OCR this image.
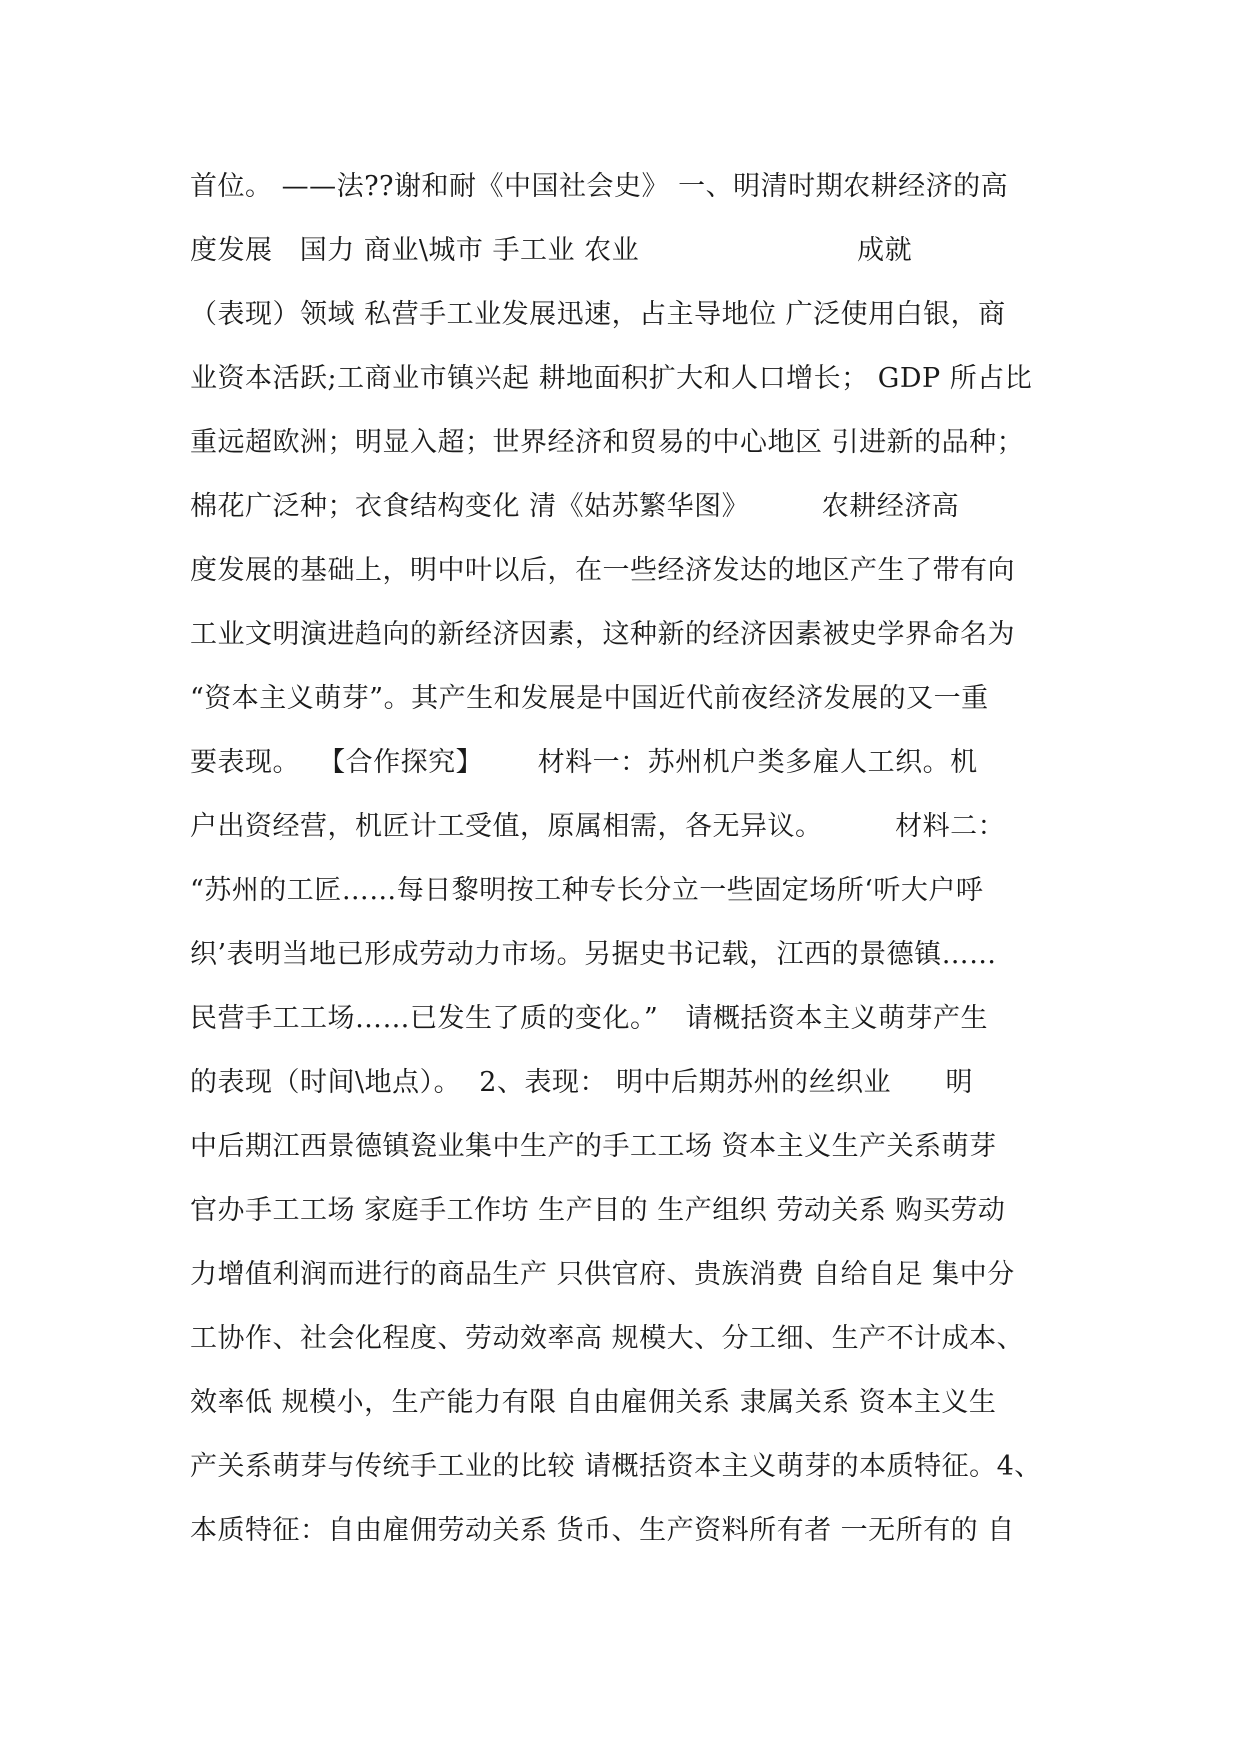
首位。 ——法??谢和耐《中国社会史》 一、明清时期农耕经济的高
度发展   国力 商业\城市 手工业 农业                        成就
（表现）领域 私营手工业发展迅速，占主导地位 广泛使用白银，商
业资本活跃;工商业市镇兴起 耕地面积扩大和人口增长； GDP 所占比
重远超欧洲；明显入超；世界经济和贸易的中心地区 引进新的品种；
棉花广泛种；衣食结构变化 清《姑苏繁华图》        农耕经济高
度发展的基础上，明中叶以后，在一些经济发达的地区产生了带有向
工业文明演进趋向的新经济因素，这种新的经济因素被史学界命名为
“资本主义萌芽”。其产生和发展是中国近代前夜经济发展的又一重
要表现。  【合作探究】      材料一：苏州机户类多雇人工织。机
户出资经营，机匠计工受值，原属相需，各无异议。        材料二：
“苏州的工匠……每日黎明按工种专长分立一些固定场所‘听大户呼
织’表明当地已形成劳动力市场。另据史书记载，江西的景德镇……
民营手工工场……已发生了质的变化。”   请概括资本主义萌芽产生
的表现（时间\地点）。  2、表现： 明中后期苏州的丝织业      明
中后期江西景德镇瓷业集中生产的手工工场 资本主义生产关系萌芽
官办手工工场 家庭手工作坊 生产目的 生产组织 劳动关系 购买劳动
力增值利润而进行的商品生产 只供官府、贵族消费 自给自足 集中分
工协作、社会化程度、劳动效率高 规模大、分工细、生产不计成本、
效率低 规模小，生产能力有限 自由雇佣关系 隶属关系 资本主义生
产关系萌芽与传统手工业的比较 请概括资本主义萌芽的本质特征。4、
本质特征：自由雇佣劳动关系 货币、生产资料所有者 一无所有的 自
